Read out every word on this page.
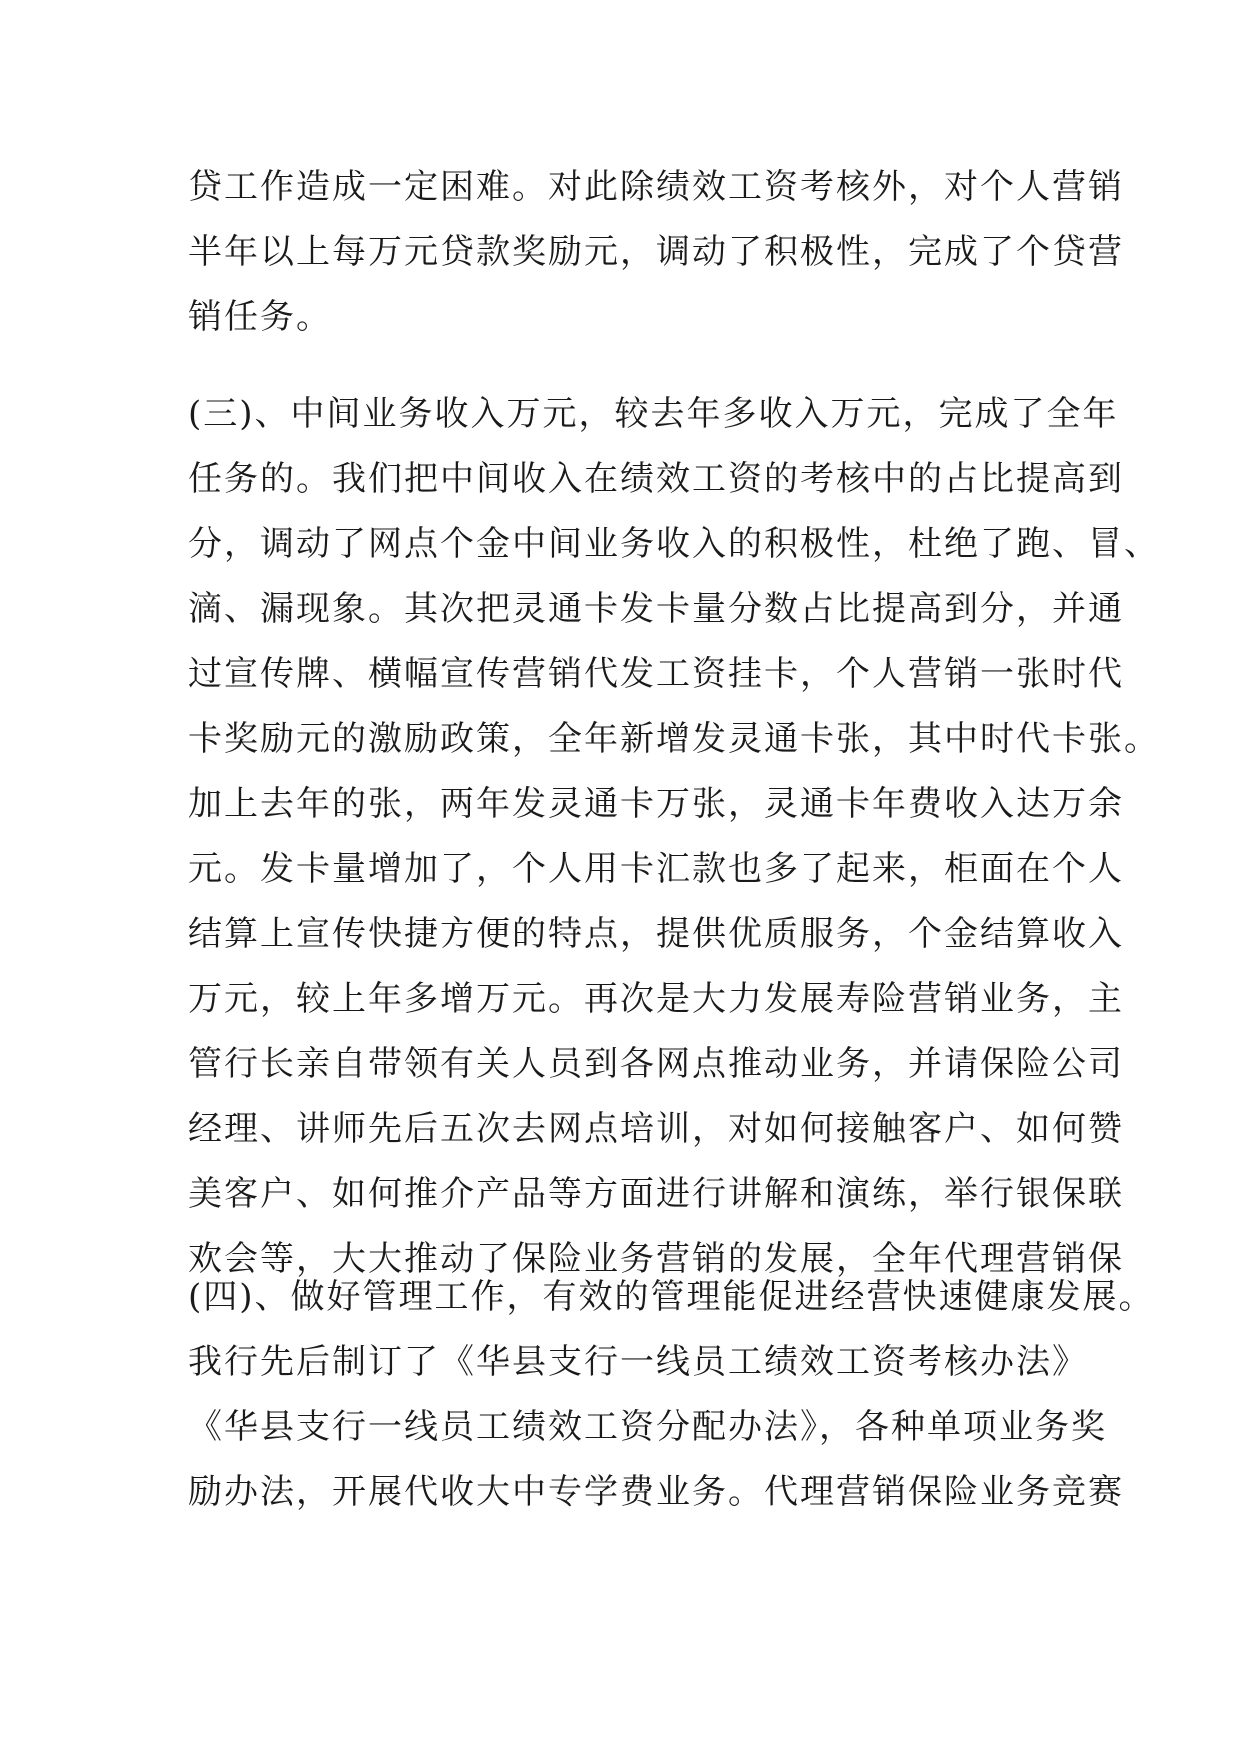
贷工作造成一定困难。对此除绩效工资考核外，对个人营销
半年以上每万元贷款奖励元，调动了积极性，完成了个贷营
销任务。
(三)、中间业务收入万元，较去年多收入万元，完成了全年
任务的。我们把中间收入在绩效工资的考核中的占比提高到
分，调动了网点个金中间业务收入的积极性，杜绝了跑、冒、
滴、漏现象。其次把灵通卡发卡量分数占比提高到分，并通
过宣传牌、横幅宣传营销代发工资挂卡，个人营销一张时代
卡奖励元的激励政策，全年新增发灵通卡张，其中时代卡张。
加上去年的张，两年发灵通卡万张，灵通卡年费收入达万余
元。发卡量增加了，个人用卡汇款也多了起来，柜面在个人
结算上宣传快捷方便的特点，提供优质服务，个金结算收入
万元，较上年多增万元。再次是大力发展寿险营销业务，主
管行长亲自带领有关人员到各网点推动业务，并请保险公司
经理、讲师先后五次去网点培训，对如何接触客户、如何赞
美客户、如何推介产品等方面进行讲解和演练，举行银保联
欢会等，大大推动了保险业务营销的发展，全年代理营销保
(四)、做好管理工作，有效的管理能促进经营快速健康发展。
我行先后制订了《华县支行一线员工绩效工资考核办法》
《华县支行一线员工绩效工资分配办法》，各种单项业务奖
励办法，开展代收大中专学费业务。代理营销保险业务竞赛
